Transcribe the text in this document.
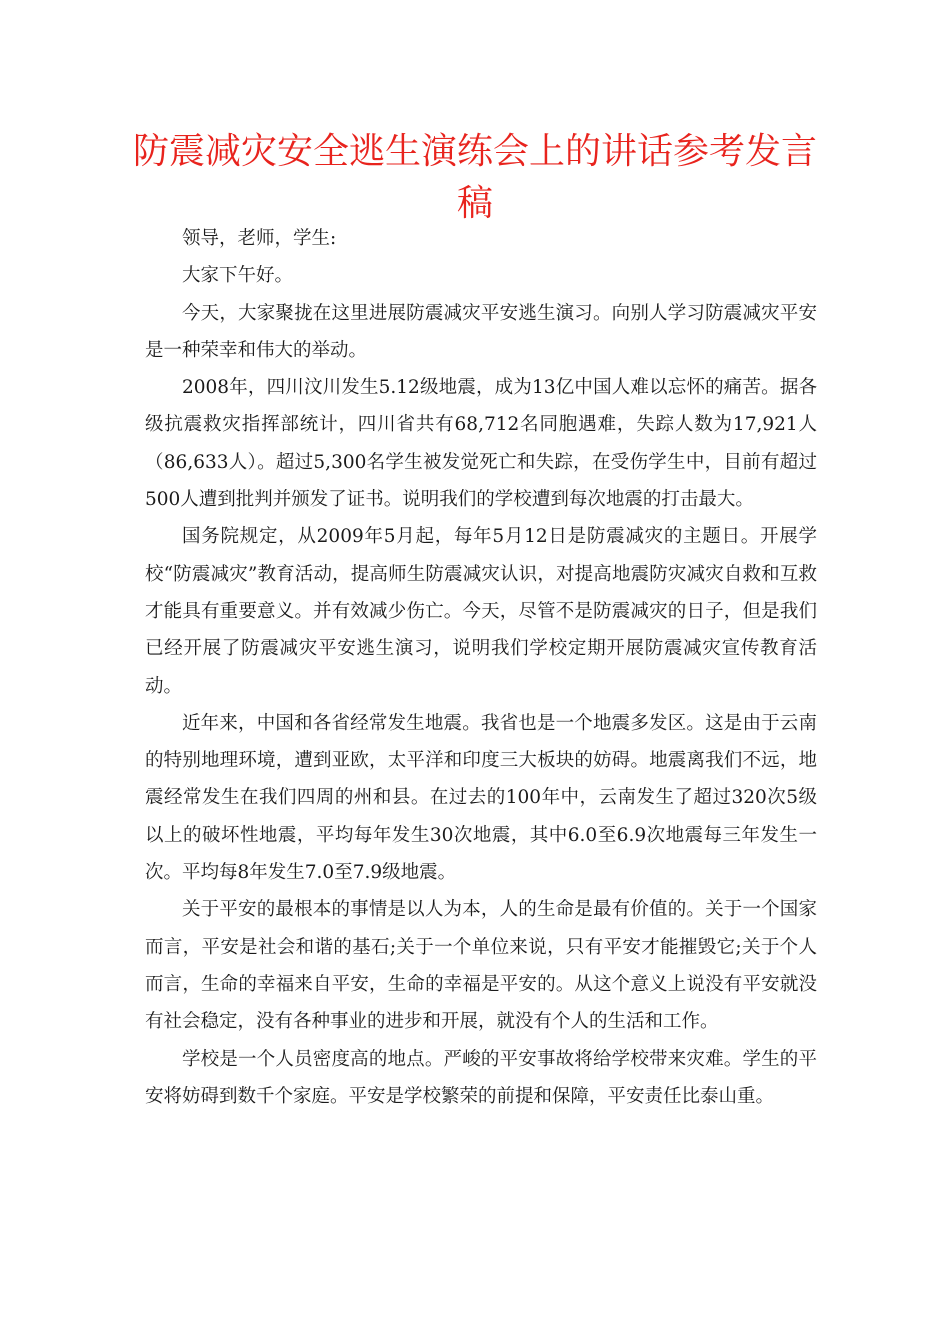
防震减灾安全逃生演练会上的讲话参考发言稿

领导，老师，学生:

大家下午好。

今天，大家聚拢在这里进展防震减灾平安逃生演习。向别人学习防震减灾平安是一种荣幸和伟大的举动。

2008年，四川汶川发生5.12级地震，成为13亿中国人难以忘怀的痛苦。据各级抗震救灾指挥部统计，四川省共有68,712名同胞遇难，失踪人数为17,921人（86,633人）。超过5,300名学生被发觉死亡和失踪，在受伤学生中，目前有超过500人遭到批判并颁发了证书。说明我们的学校遭到每次地震的打击最大。

国务院规定，从2009年5月起，每年5月12日是防震减灾的主题日。开展学校“防震减灾”教育活动，提高师生防震减灾认识，对提高地震防灾减灾自救和互救才能具有重要意义。并有效减少伤亡。今天，尽管不是防震减灾的日子，但是我们已经开展了防震减灾平安逃生演习，说明我们学校定期开展防震减灾宣传教育活动。

近年来，中国和各省经常发生地震。我省也是一个地震多发区。这是由于云南的特别地理环境，遭到亚欧，太平洋和印度三大板块的妨碍。地震离我们不远，地震经常发生在我们四周的州和县。在过去的100年中，云南发生了超过320次5级以上的破坏性地震，平均每年发生30次地震，其中6.0至6.9次地震每三年发生一次。平均每8年发生7.0至7.9级地震。

关于平安的最根本的事情是以人为本，人的生命是最有价值的。关于一个国家而言，平安是社会和谐的基石;关于一个单位来说，只有平安才能摧毁它;关于个人而言，生命的幸福来自平安，生命的幸福是平安的。从这个意义上说没有平安就没有社会稳定，没有各种事业的进步和开展，就没有个人的生活和工作。

学校是一个人员密度高的地点。严峻的平安事故将给学校带来灾难。学生的平安将妨碍到数千个家庭。平安是学校繁荣的前提和保障，平安责任比泰山重。
